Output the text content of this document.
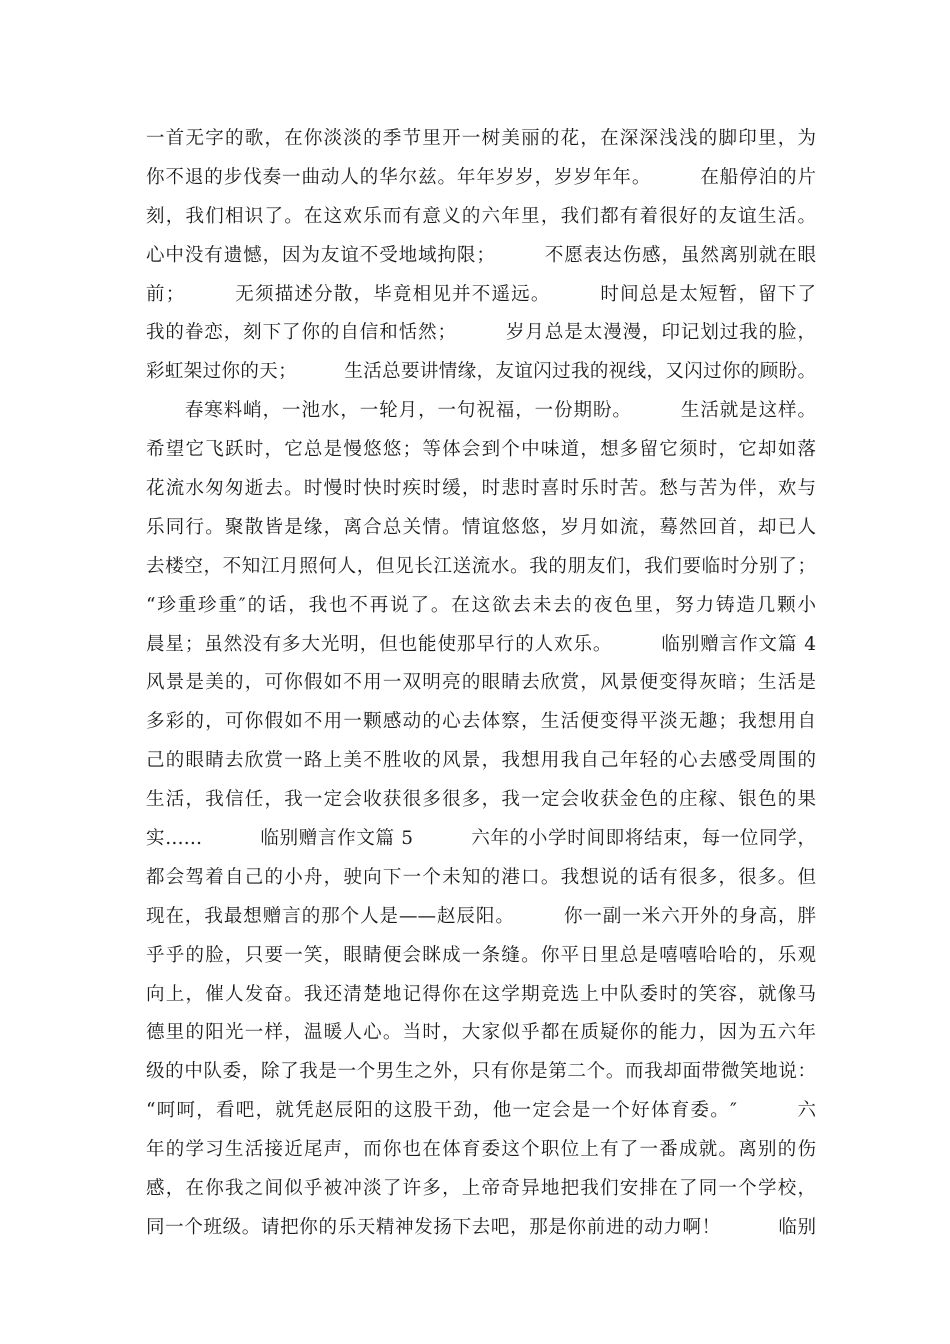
一首无字的歌，在你淡淡的季节里开一树美丽的花，在深深浅浅的脚印里，为
你不退的步伐奏一曲动人的华尔兹。年年岁岁，岁岁年年。　　　在船停泊的片
刻，我们相识了。在这欢乐而有意义的六年里，我们都有着很好的友谊生活。
心中没有遗憾，因为友谊不受地域拘限；　　　不愿表达伤感，虽然离别就在眼
前；　　　无须描述分散，毕竟相见并不遥远。　　　时间总是太短暂，留下了
我的眷恋，刻下了你的自信和恬然；　　　岁月总是太漫漫，印记划过我的脸，
彩虹架过你的天；　　　生活总要讲情缘，友谊闪过我的视线，又闪过你的顾盼。
　　春寒料峭，一池水，一轮月，一句祝福，一份期盼。　　　生活就是这样。
希望它飞跃时，它总是慢悠悠；等体会到个中味道，想多留它须时，它却如落
花流水匆匆逝去。时慢时快时疾时缓，时悲时喜时乐时苦。愁与苦为伴，欢与
乐同行。聚散皆是缘，离合总关情。情谊悠悠，岁月如流，蓦然回首，却已人
去楼空，不知江月照何人，但见长江送流水。我的朋友们，我们要临时分别了；
“珍重珍重″的话，我也不再说了。在这欲去未去的夜色里，努力铸造几颗小
晨星；虽然没有多大光明，但也能使那早行的人欢乐。　　　临别赠言作文篇 4
风景是美的，可你假如不用一双明亮的眼睛去欣赏，风景便变得灰暗；生活是
多彩的，可你假如不用一颗感动的心去体察，生活便变得平淡无趣；我想用自
己的眼睛去欣赏一路上美不胜收的风景，我想用我自己年轻的心去感受周围的
生活，我信任，我一定会收获很多很多，我一定会收获金色的庄稼、银色的果
实……　　　临别赠言作文篇 5　　　六年的小学时间即将结束，每一位同学，
都会驾着自己的小舟，驶向下一个未知的港口。我想说的话有很多，很多。但
现在，我最想赠言的那个人是——赵辰阳。　　　你一副一米六开外的身高，胖
乎乎的脸，只要一笑，眼睛便会眯成一条缝。你平日里总是嘻嘻哈哈的，乐观
向上，催人发奋。我还清楚地记得你在这学期竞选上中队委时的笑容，就像马
德里的阳光一样，温暖人心。当时，大家似乎都在质疑你的能力，因为五六年
级的中队委，除了我是一个男生之外，只有你是第二个。而我却面带微笑地说：
“呵呵，看吧，就凭赵辰阳的这股干劲，他一定会是一个好体育委。″　　　六
年的学习生活接近尾声，而你也在体育委这个职位上有了一番成就。离别的伤
感，在你我之间似乎被冲淡了许多，上帝奇异地把我们安排在了同一个学校，
同一个班级。请把你的乐天精神发扬下去吧，那是你前进的动力啊！　　　临别
